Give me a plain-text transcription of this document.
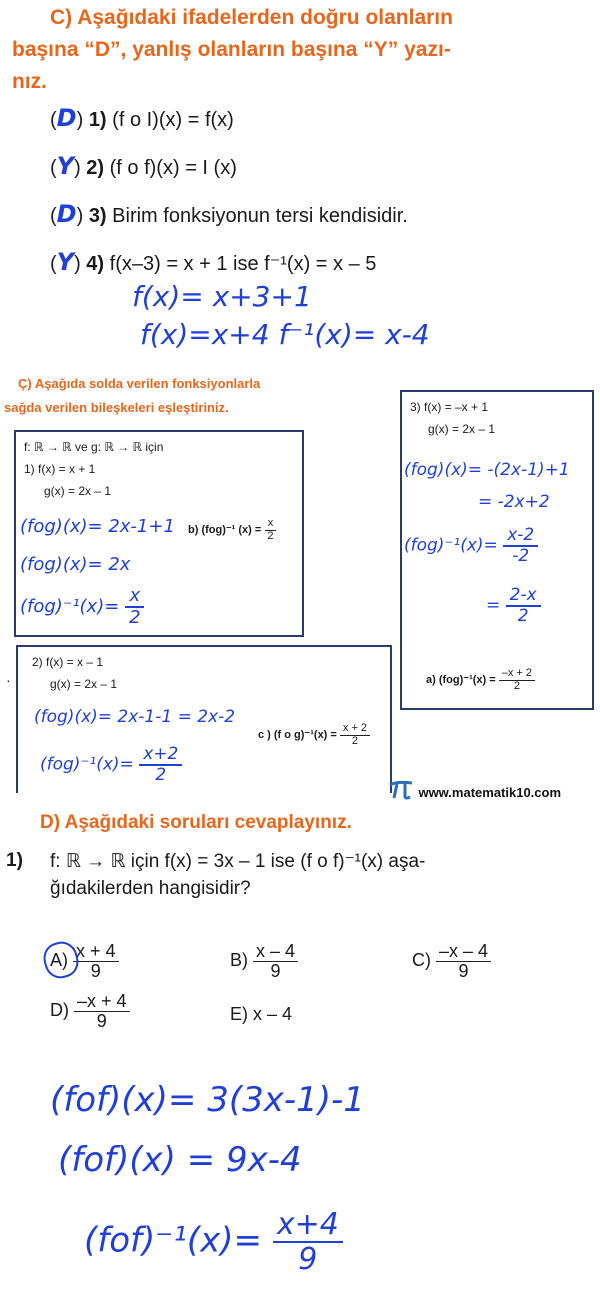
C) Aşağıdaki ifadelerden doğru olanların
başına “D”, yanlış olanların başına “Y” yazı-
nız.
(D) 1) (f o I)(x) = f(x)
(Y) 2) (f o f)(x) = I (x)
(D) 3) Birim fonksiyonun tersi kendisidir.
(Y) 4) f(x–3) = x + 1 ise f⁻¹(x) = x – 5
f(x)= x+3+1
f(x)=x+4 f⁻¹(x)= x-4
Ç) Aşağıda solda verilen fonksiyonlarla
sağda verilen bileşkeleri eşleştiriniz.
f: ℝ → ℝ ve g: ℝ → ℝ için
1) f(x) = x + 1
g(x) = 2x – 1
(fog)(x)= 2x-1+1
(fog)(x)= 2x
$(fog)^{-1}(x)= \frac{x}{2}$
b) (fog)⁻¹ $(x) = \frac{x}{2}$
3) f(x) = –x + 1
g(x) = 2x – 1
(fog)(x)= -(2x-1)+1
= -2x+2
$(fog)^{-1}(x)= \frac{x-2}{-2}$
= $\frac{2-x}{2}$
a) $(fog)^{-1}(x) = \frac{-x + 2}{2}$
2) f(x) = x – 1
g(x) = 2x – 1
(fog)(x)= 2x-1-1 = 2x-2
$(fog)^{-1}(x)= \frac{x+2}{2}$
c ) (f o $g)^{-1}(x) = \frac{x + 2}{2}$
·
www.matematik10.com
D) Aşağıdaki soruları cevaplayınız.
1) f: ℝ → ℝ için f(x) = 3x – 1 ise (f o f)⁻¹(x) aşa-
ğıdakilerden hangisidir?
A)
$\frac{x + 4}{9}$	$B) \frac{x - 4}{9}$	$C) \frac{-x - 4}{9}$
$D) \frac{-x + 4}{9}$	E) x – 4
(fof)(x)= 3(3x-1)-1
(fof)(x) = 9x-4
$(fof)^{-1}(x)= \frac{x+4}{9}$
